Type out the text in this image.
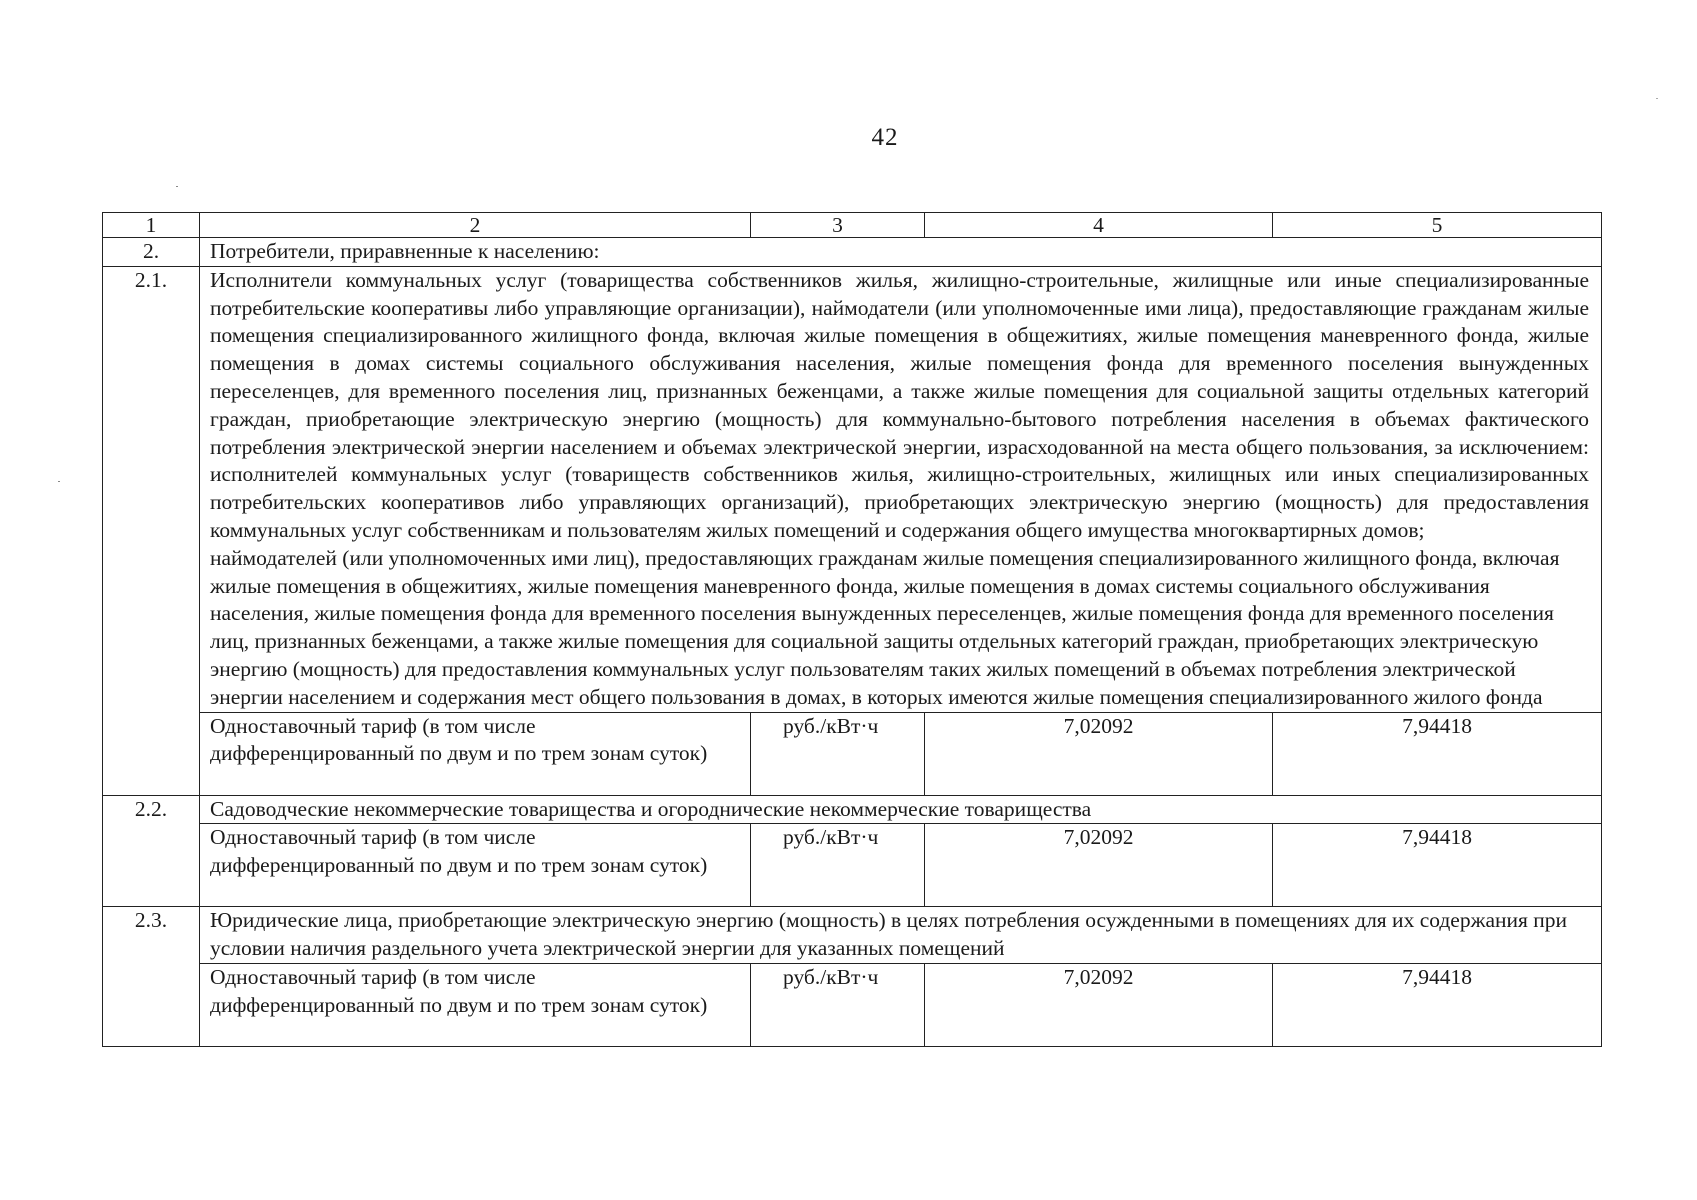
42
1	2	3	4	5
2.	Потребители, приравненные к населению:			
2.1.	Исполнители коммунальных услуг (товарищества собственников жилья, жилищно-строительные, жилищные или иные специализированные потребительские кооперативы либо управляющие организации), наймодатели (или уполномоченные ими лица), предоставляющие гражданам жилые помещения специализированного жилищного фонда, включая жилые помещения в общежитиях, жилые помещения маневренного фонда, жилые помещения в домах системы социального обслуживания населения, жилые помещения фонда для временного поселения вынужденных переселенцев, для временного поселения лиц, признанных беженцами, а также жилые помещения для социальной защиты отдельных категорий граждан, приобретающие электрическую энергию (мощность) для коммунально-бытового потребления населения в объемах фактического потребления электрической энергии населением и объемах электрической энергии, израсходованной на места общего пользования, за исключением: исполнителей коммунальных услуг (товариществ собственников жилья, жилищно-строительных, жилищных или иных специализированных потребительских кооперативов либо управляющих организаций), приобретающих электрическую энергию (мощность) для предоставления коммунальных услуг собственникам и пользователям жилых помещений и содержания общего имущества многоквартирных домов;
наймодателей (или уполномоченных ими лиц), предоставляющих гражданам жилые помещения специализированного жилищного фонда, включая жилые помещения в общежитиях, жилые помещения маневренного фонда, жилые помещения в домах системы социального обслуживания населения, жилые помещения фонда для временного поселения вынужденных переселенцев, жилые помещения фонда для временного поселения лиц, признанных беженцами, а также жилые помещения для социальной защиты отдельных категорий граждан, приобретающих электрическую энергию (мощность) для предоставления коммунальных услуг пользователям таких жилых помещений в объемах потребления электрической энергии населением и содержания мест общего пользования в домах, в которых имеются жилые помещения специализированного жилого фонда			

	Одноставочный тариф (в том числе дифференцированный по двум и по трем зонам суток)	руб./кВт·ч	7,02092	7,94418
2.2.	Садоводческие некоммерческие товарищества и огороднические некоммерческие товарищества			
	Одноставочный тариф (в том числе дифференцированный по двум и по трем зонам суток)	руб./кВт·ч	7,02092	7,94418
2.3.	Юридические лица, приобретающие электрическую энергию (мощность) в целях потребления осужденными в помещениях для их содержания при условии наличия раздельного учета электрической энергии для указанных помещений			
	Одноставочный тариф (в том числе дифференцированный по двум и по трем зонам суток)	руб./кВт·ч	7,02092	7,94418
